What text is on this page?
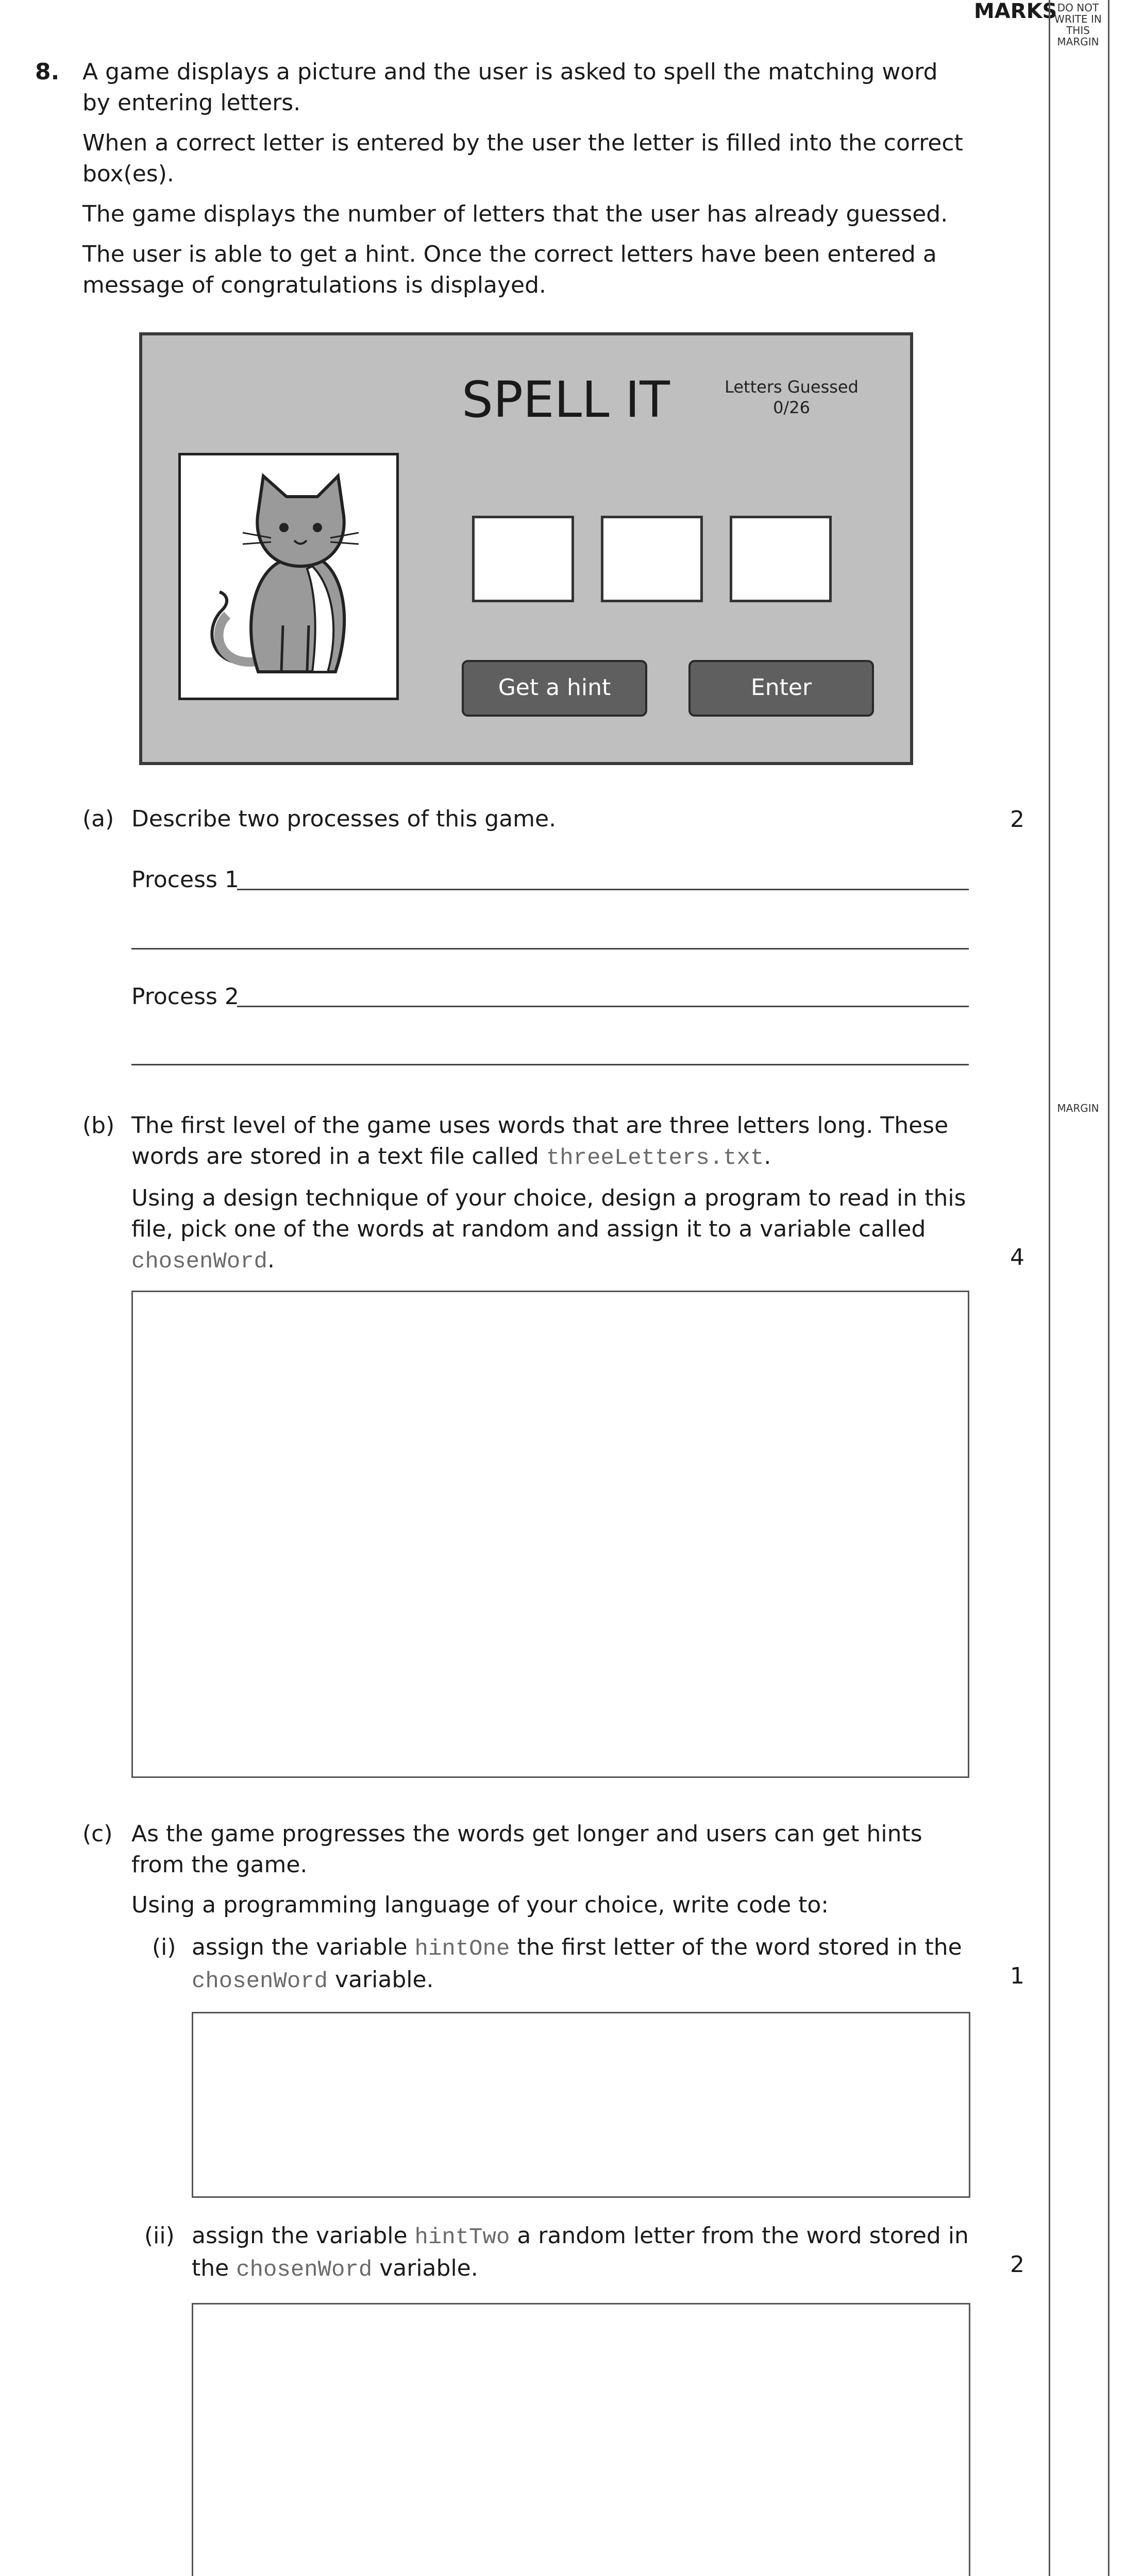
MARKS DO NOT WRITE IN THIS MARGIN
MARGIN
8. A game displays a picture and the user is asked to spell the matching word by entering letters.

When a correct letter is entered by the user the letter is filled into the correct box(es).

The game displays the number of letters that the user has already guessed.

The user is able to get a hint. Once the correct letters have been entered a message of congratulations is displayed.

SPELL IT	Letters Guessed
0/26
Get a hint	Enter
(a) Describe two processes of this game.	2
Process 1
Process 2
(b) The first level of the game uses words that are three letters long. These words are stored in a text file called threeLetters.txt.

Using a design technique of your choice, design a program to read in this file, pick one of the words at random and assign it to a variable called chosenWord.	4
(c) As the game progresses the words get longer and users can get hints from the game.

Using a programming language of your choice, write code to:

(i) assign the variable hintOne the first letter of the word stored in the chosenWord variable.	1
(ii) assign the variable hintTwo a random letter from the word stored in the chosenWord variable.	2
